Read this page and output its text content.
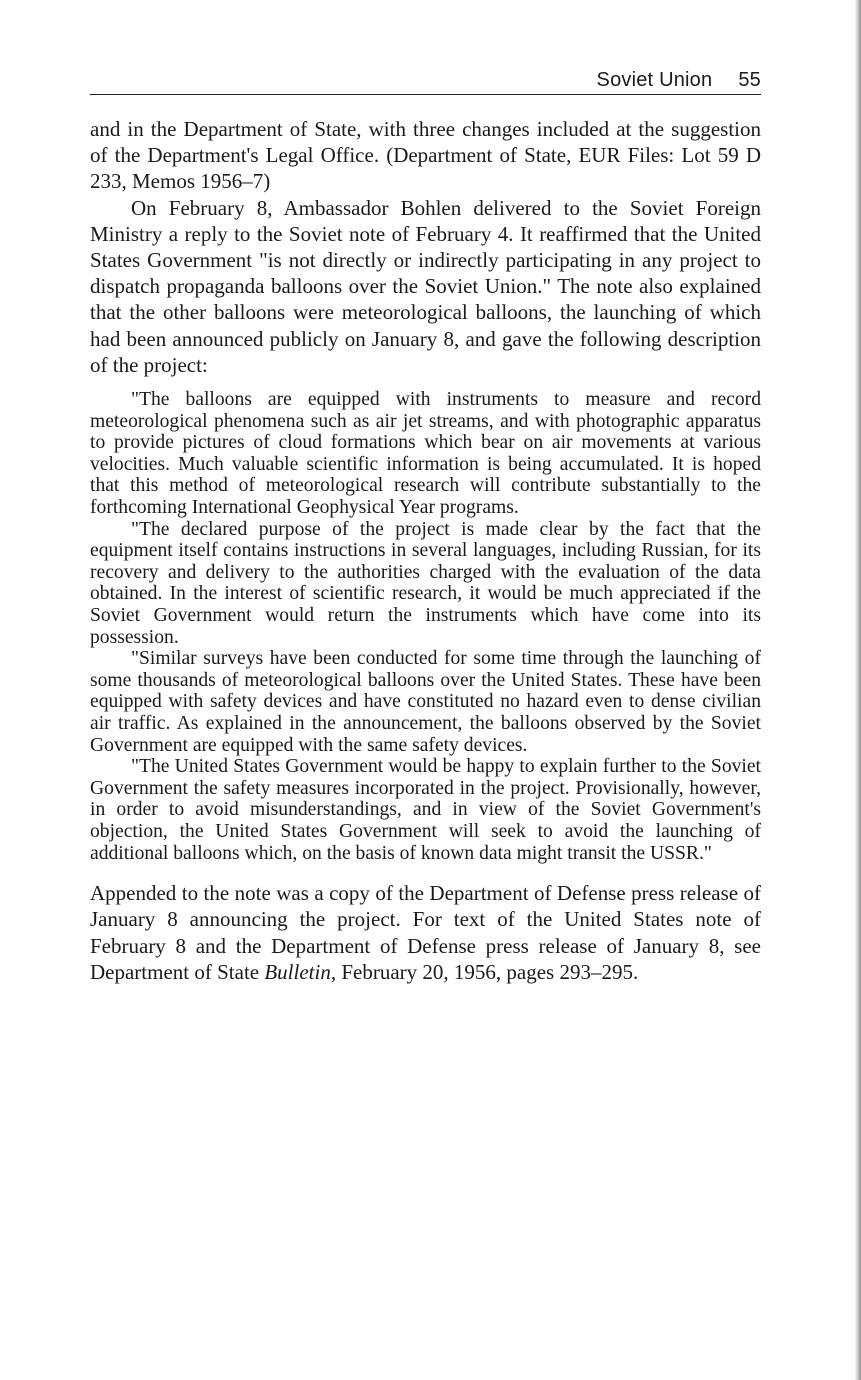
Soviet Union 55

and in the Department of State, with three changes included at the suggestion of the Department's Legal Office. (Department of State, EUR Files: Lot 59 D 233, Memos 1956–7)

On February 8, Ambassador Bohlen delivered to the Soviet Foreign Ministry a reply to the Soviet note of February 4. It reaffirmed that the United States Government "is not directly or indirectly participating in any project to dispatch propaganda balloons over the Soviet Union." The note also explained that the other balloons were meteorological balloons, the launching of which had been announced publicly on January 8, and gave the following description of the project:

"The balloons are equipped with instruments to measure and record meteorological phenomena such as air jet streams, and with photographic apparatus to provide pictures of cloud formations which bear on air movements at various velocities. Much valuable scientific information is being accumulated. It is hoped that this method of meteorological research will contribute substantially to the forthcoming International Geophysical Year programs.

"The declared purpose of the project is made clear by the fact that the equipment itself contains instructions in several languages, including Russian, for its recovery and delivery to the authorities charged with the evaluation of the data obtained. In the interest of scientific research, it would be much appreciated if the Soviet Government would return the instruments which have come into its possession.

"Similar surveys have been conducted for some time through the launching of some thousands of meteorological balloons over the United States. These have been equipped with safety devices and have constituted no hazard even to dense civilian air traffic. As explained in the announcement, the balloons observed by the Soviet Government are equipped with the same safety devices.

"The United States Government would be happy to explain further to the Soviet Government the safety measures incorporated in the project. Provisionally, however, in order to avoid misunderstandings, and in view of the Soviet Government's objection, the United States Government will seek to avoid the launching of additional balloons which, on the basis of known data might transit the USSR."

Appended to the note was a copy of the Department of Defense press release of January 8 announcing the project. For text of the United States note of February 8 and the Department of Defense press release of January 8, see Department of State Bulletin, February 20, 1956, pages 293–295.
